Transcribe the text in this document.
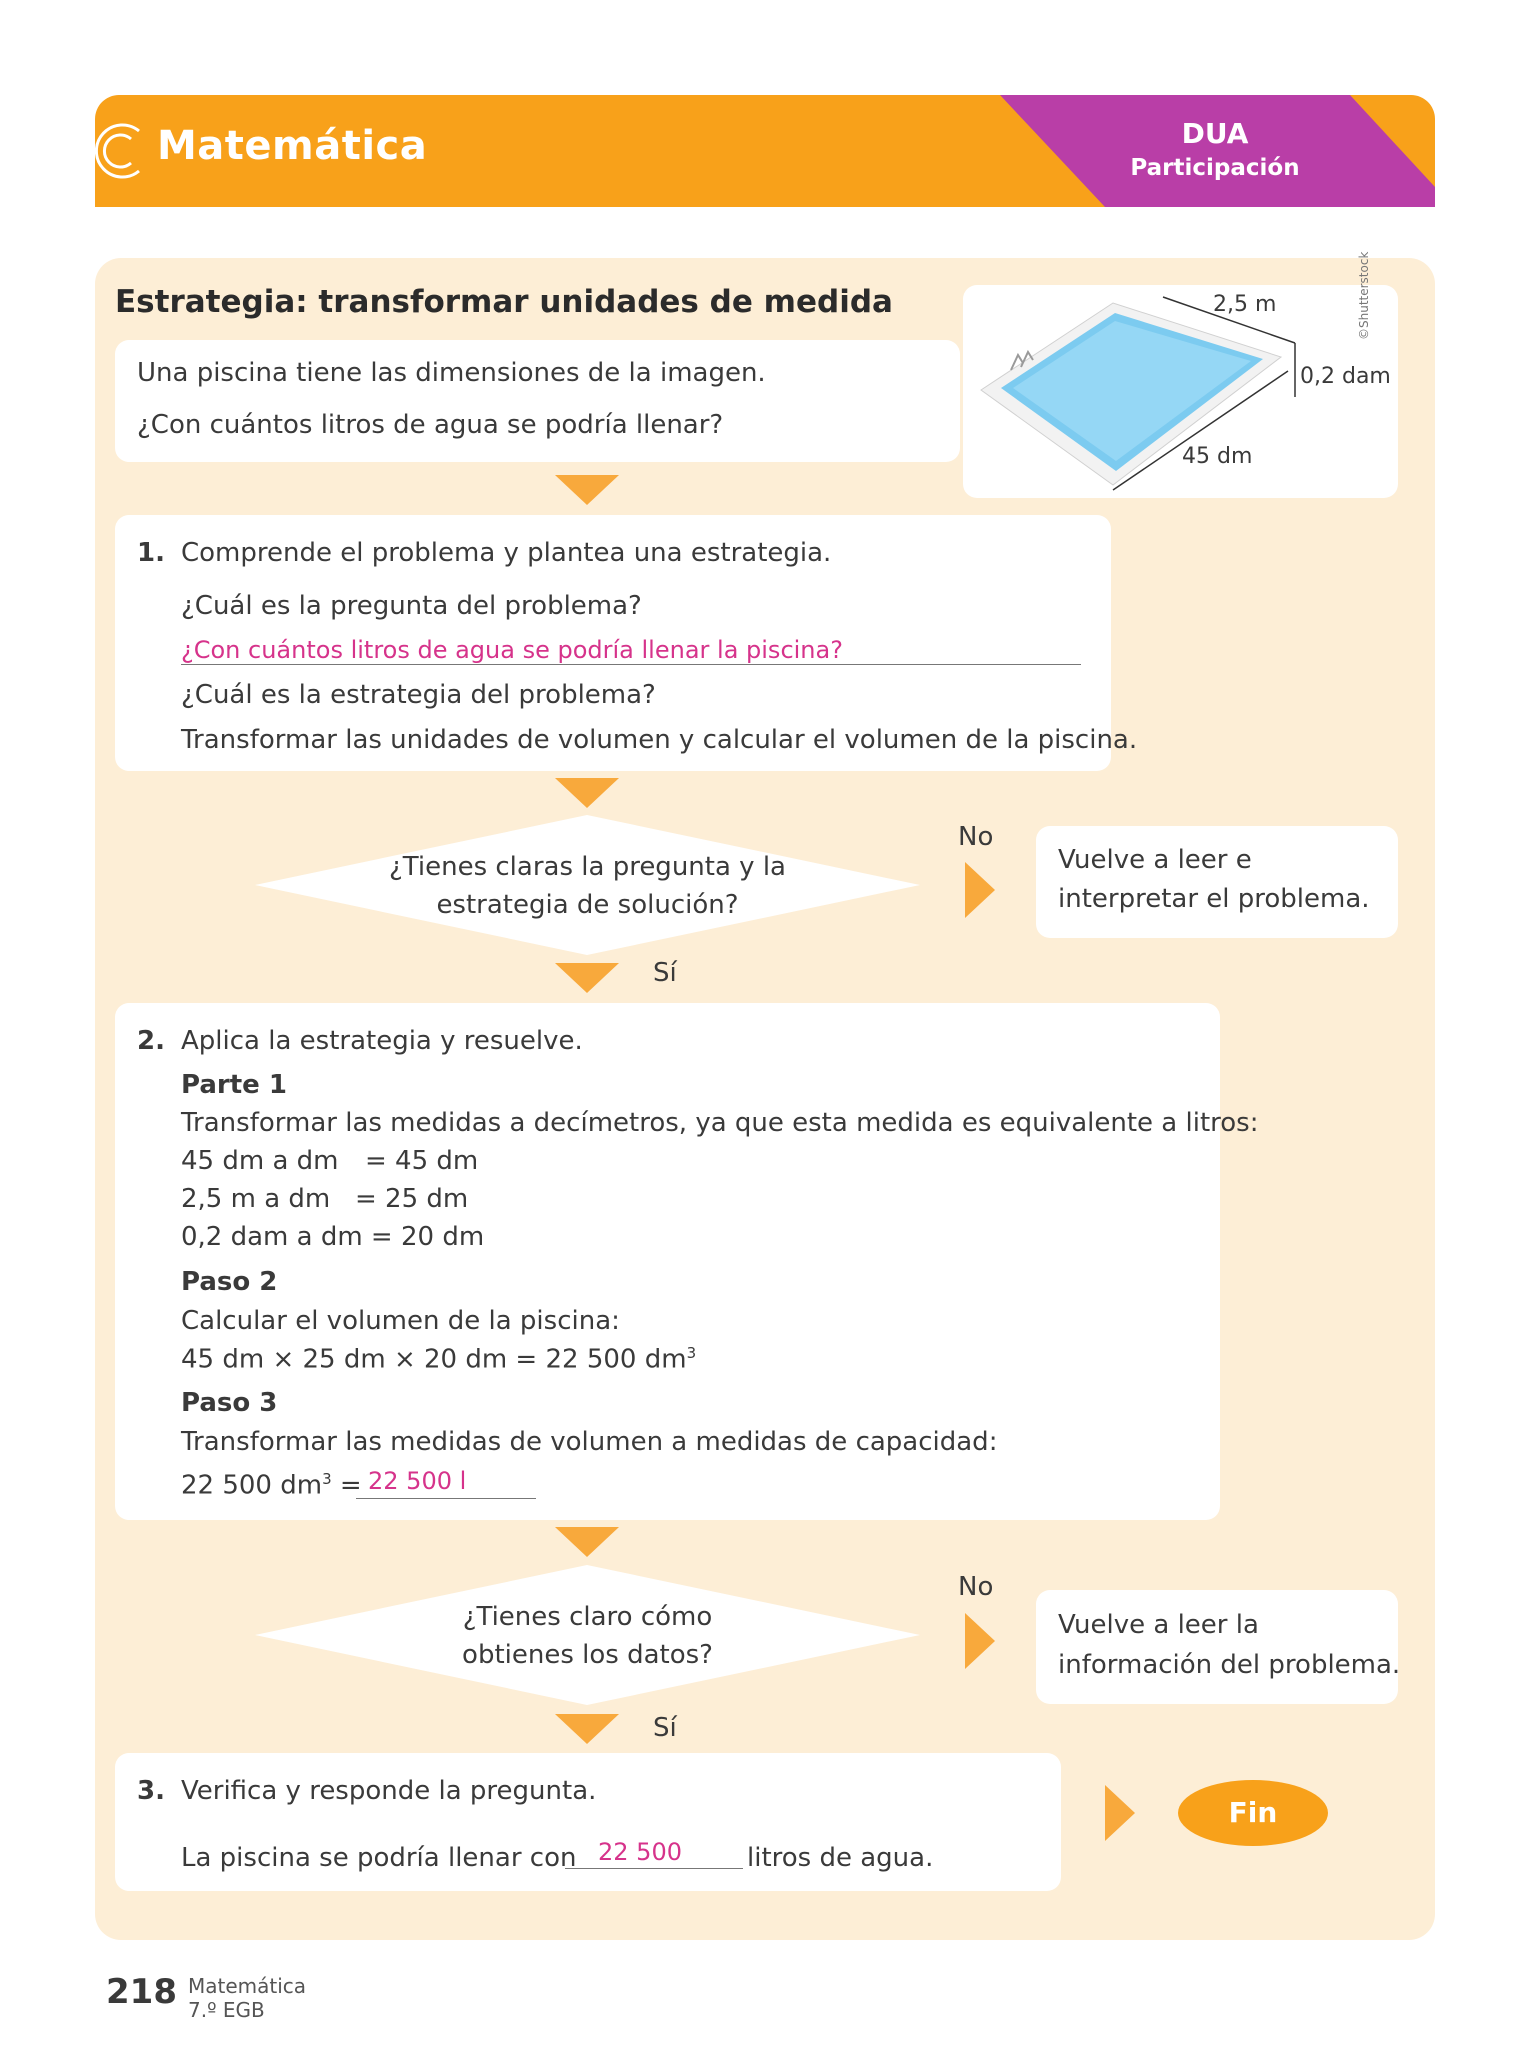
Matemática	DUA
Participación
Estrategia: transformar unidades de medida
Una piscina tiene las dimensiones de la imagen.
¿Con cuántos litros de agua se podría llenar?
2,5 m
0,2 dam
45 dm
©Shutterstock
1. Comprende el problema y plantea una estrategia.
¿Cuál es la pregunta del problema?
¿Con cuántos litros de agua se podría llenar la piscina?
¿Cuál es la estrategia del problema?
Transformar las unidades de volumen y calcular el volumen de la piscina.
¿Tienes claras la pregunta y la
estrategia de solución?
No
Vuelve a leer e
interpretar el problema.
Sí
2. Aplica la estrategia y resuelve.
Parte 1
Transformar las medidas a decímetros, ya que esta medida es equivalente a litros:
45 dm a dm = 45 dm
2,5 m a dm = 25 dm
0,2 dam a dm = 20 dm
Paso 2
Calcular el volumen de la piscina:
45 dm × 25 dm × 20 dm = 22 500 $dm^3$
Paso 3
Transformar las medidas de volumen a medidas de capacidad:
22 500 $dm^3 = 22$ 500 l
¿Tienes claro cómo
obtienes los datos?
No
Vuelve a leer la
información del problema.
Sí
3. Verifica y responde la pregunta.
La piscina se podría llenar con 22 500	litros de agua.
Fin
218 Matemática
7.º EGB
